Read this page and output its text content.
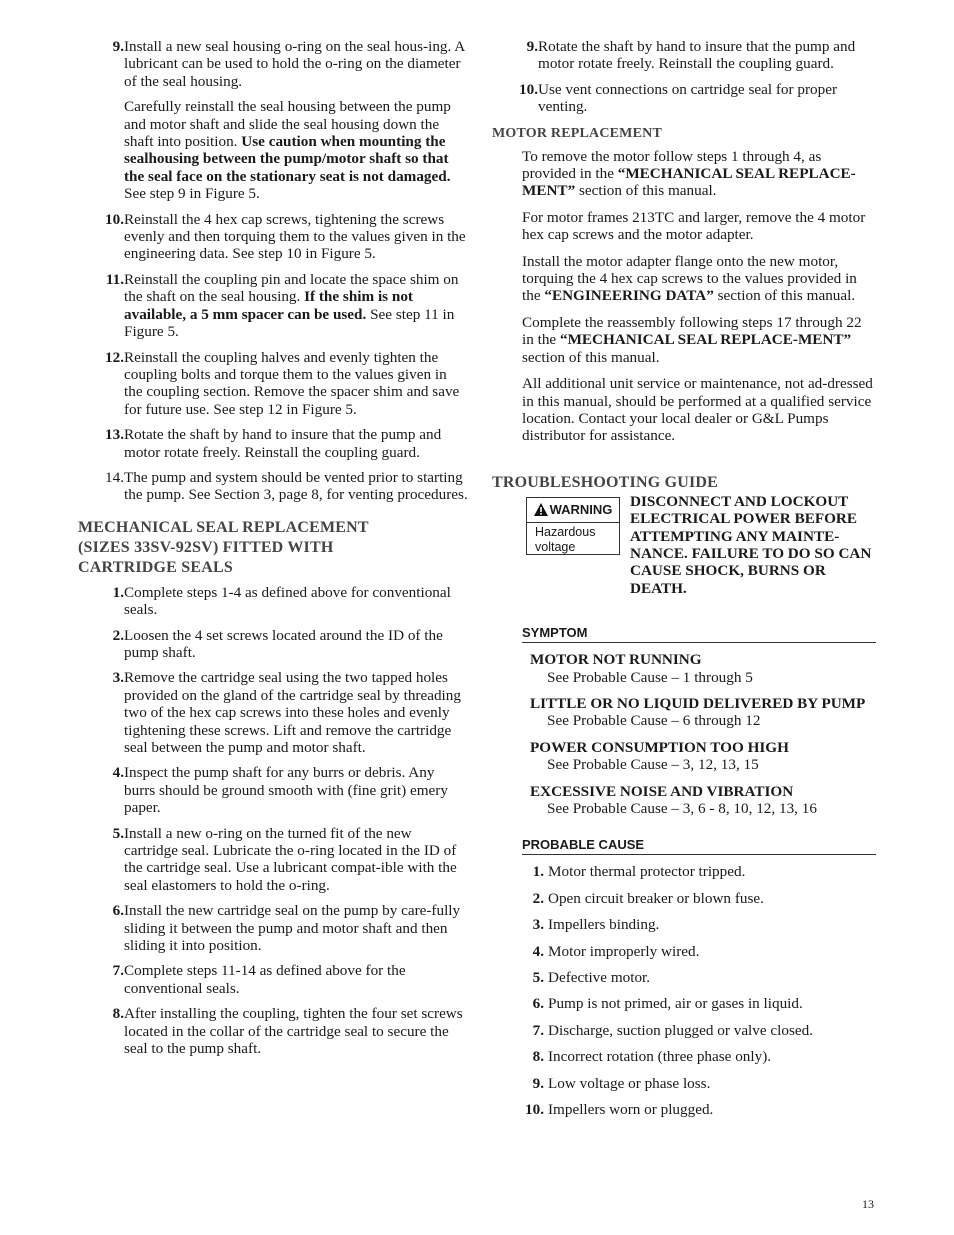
9. Install a new seal housing o-ring on the seal hous-ing. A lubricant can be used to hold the o-ring on the diameter of the seal housing.

Carefully reinstall the seal housing between the pump and motor shaft and slide the seal housing down the shaft into position. Use caution when mounting the sealhousing between the pump/motor shaft so that the seal face on the stationary seat is not damaged. See step 9 in Figure 5.

10. Reinstall the 4 hex cap screws, tightening the screws evenly and then torquing them to the values given in the engineering data. See step 10 in Figure 5.
11. Reinstall the coupling pin and locate the space shim on the shaft on the seal housing. If the shim is not available, a 5 mm spacer can be used. See step 11 in Figure 5.
12. Reinstall the coupling halves and evenly tighten the coupling bolts and torque them to the values given in the coupling section. Remove the spacer shim and save for future use. See step 12 in Figure 5.
13. Rotate the shaft by hand to insure that the pump and motor rotate freely. Reinstall the coupling guard.
14. The pump and system should be vented prior to starting the pump. See Section 3, page 8, for venting procedures.
MECHANICAL SEAL REPLACEMENT (SIZES 33SV-92SV) FITTED WITH CARTRIDGE SEALS
1. Complete steps 1-4 as defined above for conventional seals.
2. Loosen the 4 set screws located around the ID of the pump shaft.
3. Remove the cartridge seal using the two tapped holes provided on the gland of the cartridge seal by threading two of the hex cap screws into these holes and evenly tightening these screws. Lift and remove the cartridge seal between the pump and motor shaft.
4. Inspect the pump shaft for any burrs or debris. Any burrs should be ground smooth with (fine grit) emery paper.
5. Install a new o-ring on the turned fit of the new cartridge seal. Lubricate the o-ring located in the ID of the cartridge seal. Use a lubricant compat-ible with the seal elastomers to hold the o-ring.
6. Install the new cartridge seal on the pump by care-fully sliding it between the pump and motor shaft and then sliding it into position.
7. Complete steps 11-14 as defined above for the conventional seals.
8. After installing the coupling, tighten the four set screws located in the collar of the cartridge seal to secure the seal to the pump shaft.
9. Rotate the shaft by hand to insure that the pump and motor rotate freely. Reinstall the coupling guard.
10. Use vent connections on cartridge seal for proper venting.
MOTOR REPLACEMENT

To remove the motor follow steps 1 through 4, as provided in the “MECHANICAL SEAL REPLACE-MENT” section of this manual.

For motor frames 213TC and larger, remove the 4 motor hex cap screws and the motor adapter.

Install the motor adapter flange onto the new motor, torquing the 4 hex cap screws to the values provided in the “ENGINEERING DATA” section of this manual.

Complete the reassembly following steps 17 through 22 in the “MECHANICAL SEAL REPLACE-MENT” section of this manual.

All additional unit service or maintenance, not ad-dressed in this manual, should be performed at a qualified service location. Contact your local dealer or G&L Pumps distributor for assistance.

TROUBLESHOOTING GUIDE
WARNING
Hazardous voltage
DISCONNECT AND LOCKOUT ELECTRICAL POWER BEFORE ATTEMPTING ANY MAINTE-NANCE. FAILURE TO DO SO CAN CAUSE SHOCK, BURNS OR DEATH.
SYMPTOM
MOTOR NOT RUNNING
See Probable Cause – 1 through 5
LITTLE OR NO LIQUID DELIVERED BY PUMP
See Probable Cause – 6 through 12
POWER CONSUMPTION TOO HIGH
See Probable Cause – 3, 12, 13, 15
EXCESSIVE NOISE AND VIBRATION
See Probable Cause – 3, 6 - 8, 10, 12, 13, 16
PROBABLE CAUSE
1. Motor thermal protector tripped.
2. Open circuit breaker or blown fuse.
3. Impellers binding.
4. Motor improperly wired.
5. Defective motor.
6. Pump is not primed, air or gases in liquid.
7. Discharge, suction plugged or valve closed.
8. Incorrect rotation (three phase only).
9. Low voltage or phase loss.
10. Impellers worn or plugged.
13
